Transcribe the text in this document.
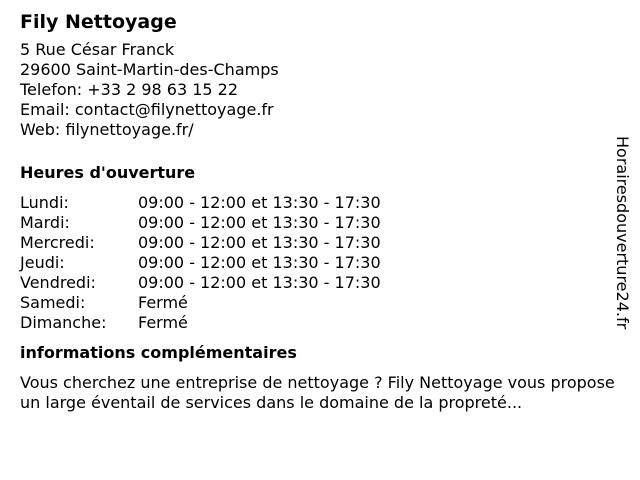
Fily Nettoyage
5 Rue César Franck
29600 Saint-Martin-des-Champs
Telefon: +33 2 98 63 15 22
Email: contact@filynettoyage.fr
Web: filynettoyage.fr/
Heures d'ouverture
Lundi:	09:00 - 12:00 et 13:30 - 17:30
Mardi:	09:00 - 12:00 et 13:30 - 17:30
Mercredi:	09:00 - 12:00 et 13:30 - 17:30
Jeudi:	09:00 - 12:00 et 13:30 - 17:30
Vendredi:	09:00 - 12:00 et 13:30 - 17:30
Samedi:	Fermé
Dimanche:	Fermé
informations complémentaires
Vous cherchez une entreprise de nettoyage ? Fily Nettoyage vous propose un large éventail de services dans le domaine de la propreté...
Horairesdouverture24.fr
